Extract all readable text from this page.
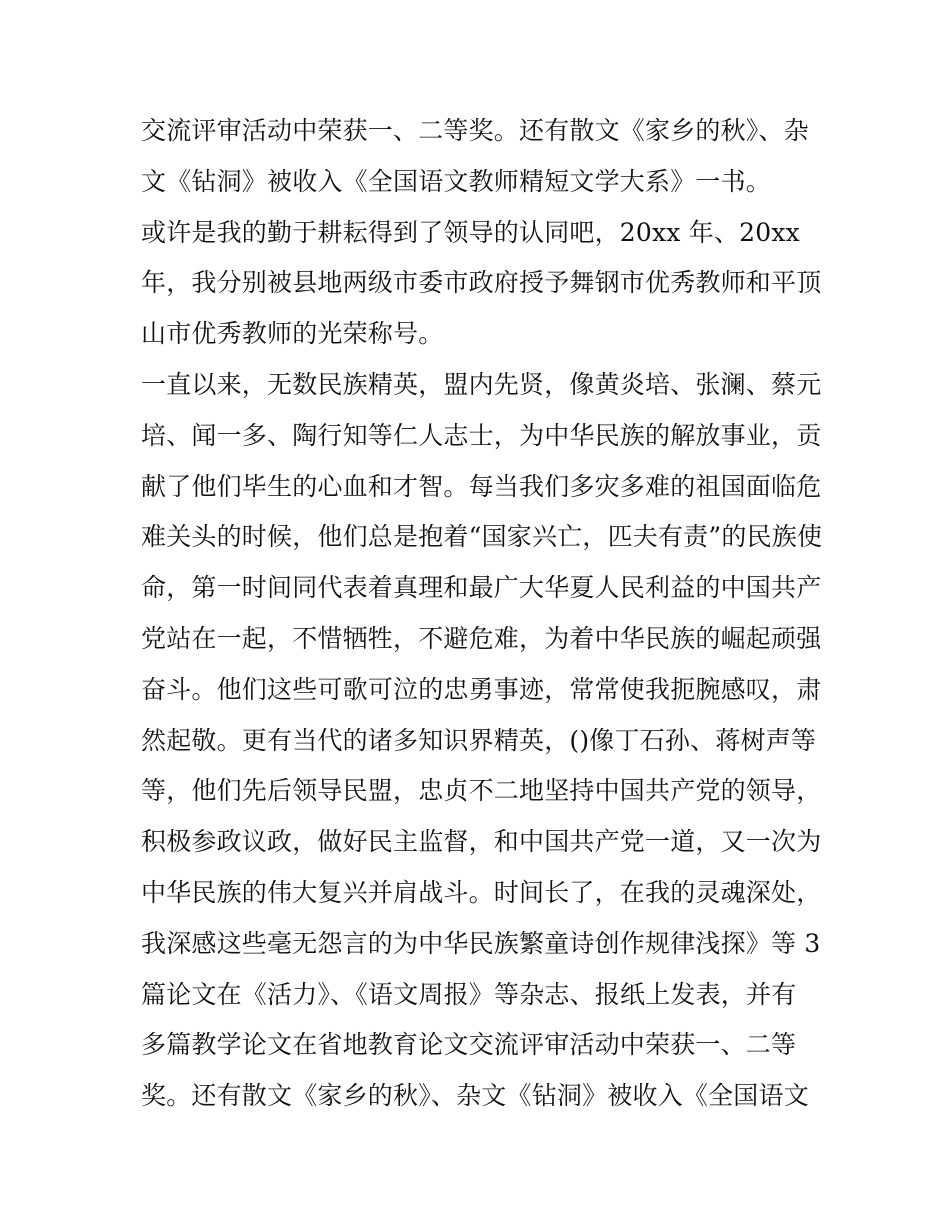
交流评审活动中荣获一、二等奖。还有散文《家乡的秋》、杂
文《钻洞》被收入《全国语文教师精短文学大系》一书。
或许是我的勤于耕耘得到了领导的认同吧，20xx 年、20xx
年，我分别被县地两级市委市政府授予舞钢市优秀教师和平顶
山市优秀教师的光荣称号。
一直以来，无数民族精英，盟内先贤，像黄炎培、张澜、蔡元
培、闻一多、陶行知等仁人志士，为中华民族的解放事业，贡
献了他们毕生的心血和才智。每当我们多灾多难的祖国面临危
难关头的时候，他们总是抱着“国家兴亡，匹夫有责”的民族使
命，第一时间同代表着真理和最广大华夏人民利益的中国共产
党站在一起，不惜牺牲，不避危难，为着中华民族的崛起顽强
奋斗。他们这些可歌可泣的忠勇事迹，常常使我扼腕感叹，肃
然起敬。更有当代的诸多知识界精英，()像丁石孙、蒋树声等
等，他们先后领导民盟，忠贞不二地坚持中国共产党的领导，
积极参政议政，做好民主监督，和中国共产党一道，又一次为
中华民族的伟大复兴并肩战斗。时间长了，在我的灵魂深处，
我深感这些毫无怨言的为中华民族繁童诗创作规律浅探》等 3
篇论文在《活力》、《语文周报》等杂志、报纸上发表，并有
多篇教学论文在省地教育论文交流评审活动中荣获一、二等
奖。还有散文《家乡的秋》、杂文《钻洞》被收入《全国语文
